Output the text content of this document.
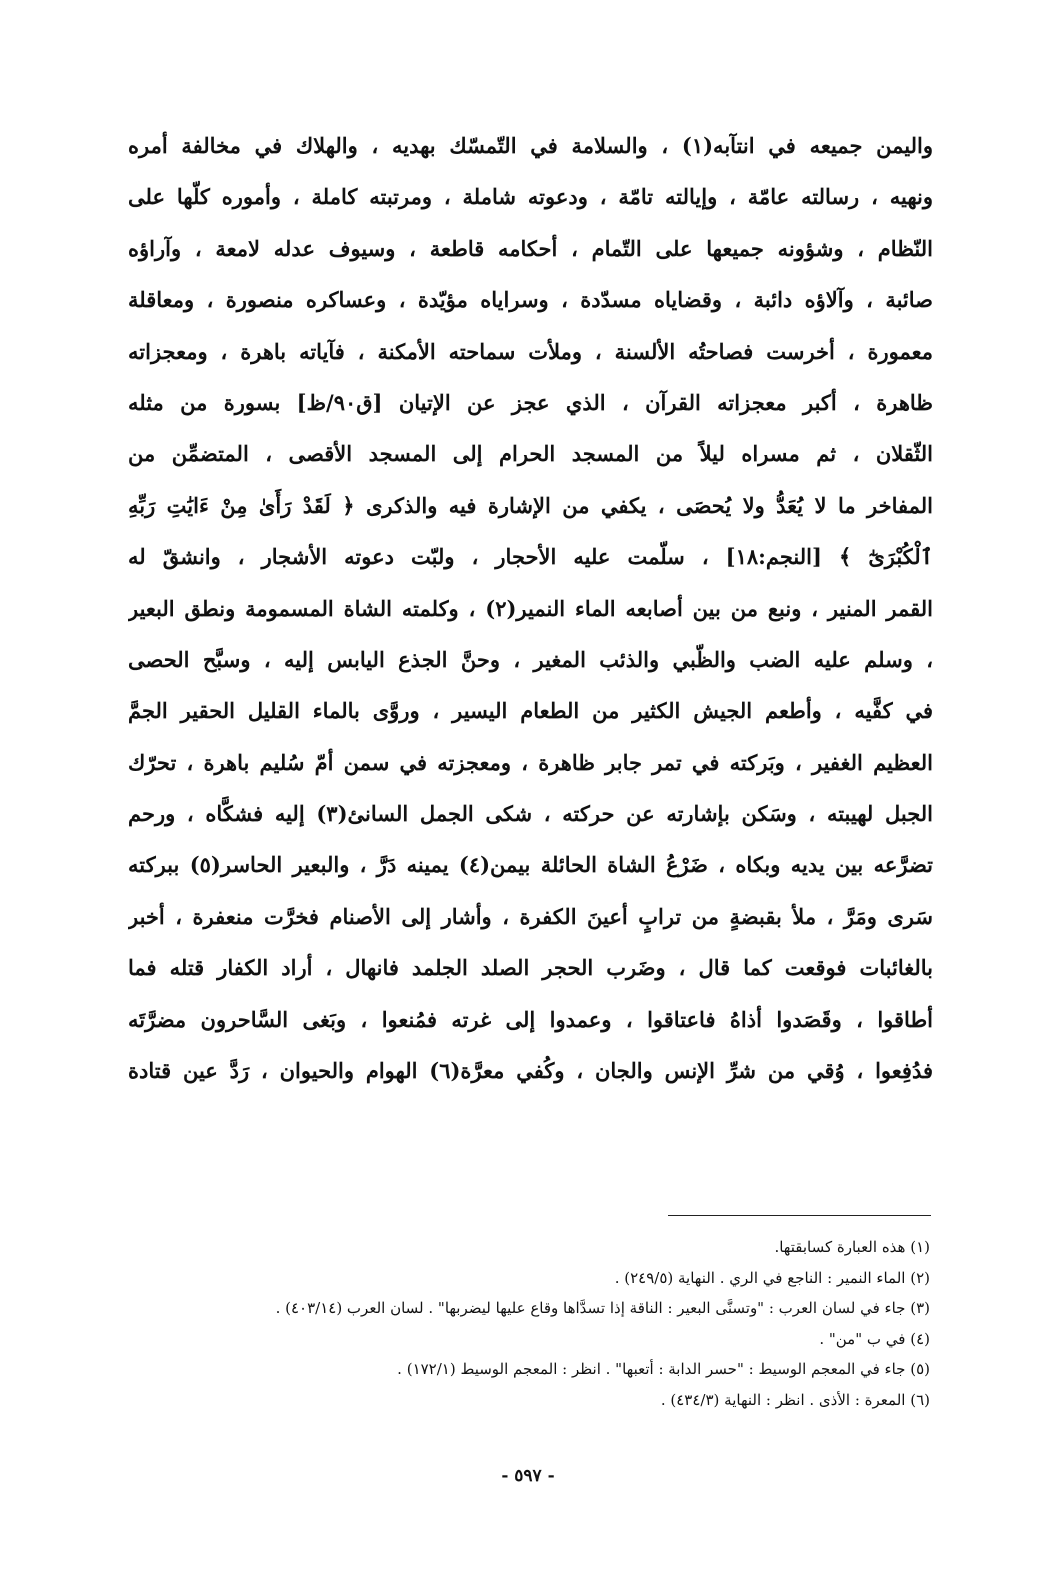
واليمن جميعه في انتآبه(١) ، والسلامة في التّمسّك بهديه ، والهلاك في مخالفة أمره
ونهيه ، رسالته عامّة ، وإيالته تامّة ، ودعوته شاملة ، ومرتبته كاملة ، وأموره كلّها على
النّظام ، وشؤونه جميعها على التّمام ، أحكامه قاطعة ، وسيوف عدله لامعة ، وآراؤه
صائبة ، وآلاؤه دائبة ، وقضاياه مسدّدة ، وسراياه مؤيّدة ، وعساكره منصورة ، ومعاقلة
معمورة ، أخرست فصاحتُه الألسنة ، وملأت سماحته الأمكنة ، فآياته باهرة ، ومعجزاته
ظاهرة ، أكبر معجزاته القرآن ، الذي عجز عن الإتيان [ق٩٠/ظ] بسورة من مثله
الثّقلان ، ثم مسراه ليلاً من المسجد الحرام إلى المسجد الأقصى ، المتضمِّن من
المفاخر ما لا يُعَدُّ ولا يُحصَى ، يكفي من الإشارة فيه والذكرى ﴿ لَقَدْ رَأَىٰ مِنْ ءَايَٰتِ رَبِّهِ
ٱلْكُبْرَىٰٓ ﴾ [النجم:١٨] ، سلّمت عليه الأحجار ، ولبّت دعوته الأشجار ، وانشقّ له
القمر المنير ، ونبع من بين أصابعه الماء النمير(٢) ، وكلمته الشاة المسمومة ونطق البعير
، وسلم عليه الضب والظّبي والذئب المغير ، وحنَّ الجذع اليابس إليه ، وسبَّح الحصى
في كفَّيه ، وأطعم الجيش الكثير من الطعام اليسير ، وروَّى بالماء القليل الحقير الجمَّ
العظيم الغفير ، وبَركته في تمر جابر ظاهرة ، ومعجزته في سمن أمّ سُليم باهرة ، تحرّك
الجبل لهيبته ، وسَكن بإشارته عن حركته ، شكى الجمل السانئ(٣) إليه فشكَّاه ، ورحم
تضرَّعه بين يديه وبكاه ، ضَرْعُ الشاة الحائلة بيمن(٤) يمينه دَرَّ ، والبعير الحاسر(٥) ببركته
سَرى ومَرَّ ، ملأ بقبضةٍ من ترابٍ أعينَ الكفرة ، وأشار إلى الأصنام فخرَّت منعفرة ، أخبر
بالغائبات فوقعت كما قال ، وضَرب الحجر الصلد الجلمد فانهال ، أراد الكفار قتله فما
أطاقوا ، وقَصَدوا أذاهُ فاعتاقوا ، وعمدوا إلى غرته فمُنعوا ، وبَغى السَّاحرون مضرَّتَه
فدُفِعوا ، وُقي من شرِّ الإنس والجان ، وكُفي معرَّة(٦) الهوام والحيوان ، رَدَّ عين قتادة
(١) هذه العبارة كسابقتها.
(٢) الماء النمير : الناجع في الري . النهاية (٢٤٩/٥) .
(٣) جاء في لسان العرب : "وتسنَّى البعير : الناقة إذا تسدَّاها وقاع عليها ليضربها" . لسان العرب (٤٠٣/١٤) .
(٤) في ب "من" .
(٥) جاء في المعجم الوسيط : "حسر الدابة : أتعبها" . انظر : المعجم الوسيط (١٧٢/١) .
(٦) المعرة : الأذى . انظر : النهاية (٤٣٤/٣) .
- ٥٩٧ -
